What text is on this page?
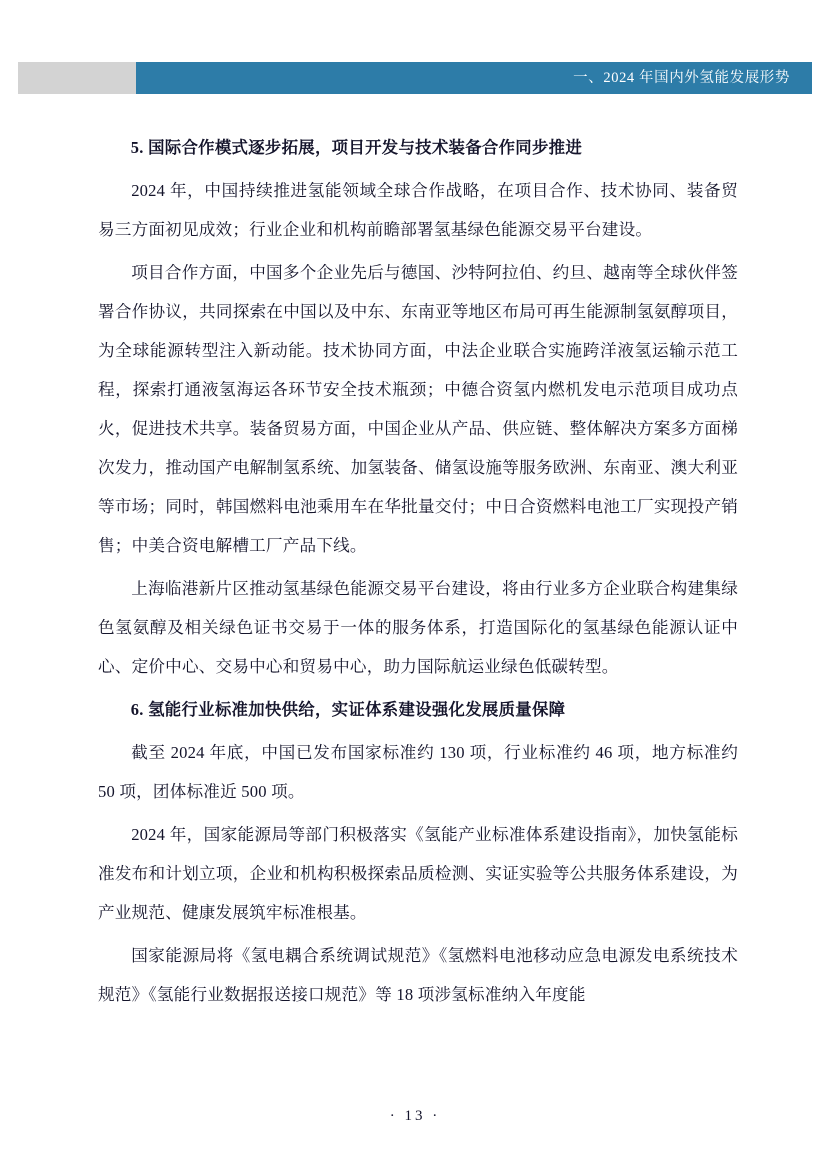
一、2024 年国内外氢能发展形势

5. 国际合作模式逐步拓展，项目开发与技术装备合作同步推进

2024 年，中国持续推进氢能领域全球合作战略，在项目合作、技术协同、装备贸易三方面初见成效；行业企业和机构前瞻部署氢基绿色能源交易平台建设。

项目合作方面，中国多个企业先后与德国、沙特阿拉伯、约旦、越南等全球伙伴签署合作协议，共同探索在中国以及中东、东南亚等地区布局可再生能源制氢氨醇项目，为全球能源转型注入新动能。技术协同方面，中法企业联合实施跨洋液氢运输示范工程，探索打通液氢海运各环节安全技术瓶颈；中德合资氢内燃机发电示范项目成功点火，促进技术共享。装备贸易方面，中国企业从产品、供应链、整体解决方案多方面梯次发力，推动国产电解制氢系统、加氢装备、储氢设施等服务欧洲、东南亚、澳大利亚等市场；同时，韩国燃料电池乘用车在华批量交付；中日合资燃料电池工厂实现投产销售；中美合资电解槽工厂产品下线。

上海临港新片区推动氢基绿色能源交易平台建设，将由行业多方企业联合构建集绿色氢氨醇及相关绿色证书交易于一体的服务体系，打造国际化的氢基绿色能源认证中心、定价中心、交易中心和贸易中心，助力国际航运业绿色低碳转型。

6. 氢能行业标准加快供给，实证体系建设强化发展质量保障

截至 2024 年底，中国已发布国家标准约 130 项，行业标准约 46 项，地方标准约 50 项，团体标准近 500 项。

2024 年，国家能源局等部门积极落实《氢能产业标准体系建设指南》，加快氢能标准发布和计划立项，企业和机构积极探索品质检测、实证实验等公共服务体系建设，为产业规范、健康发展筑牢标准根基。

国家能源局将《氢电耦合系统调试规范》《氢燃料电池移动应急电源发电系统技术规范》《氢能行业数据报送接口规范》等 18 项涉氢标准纳入年度能

· 13 ·
